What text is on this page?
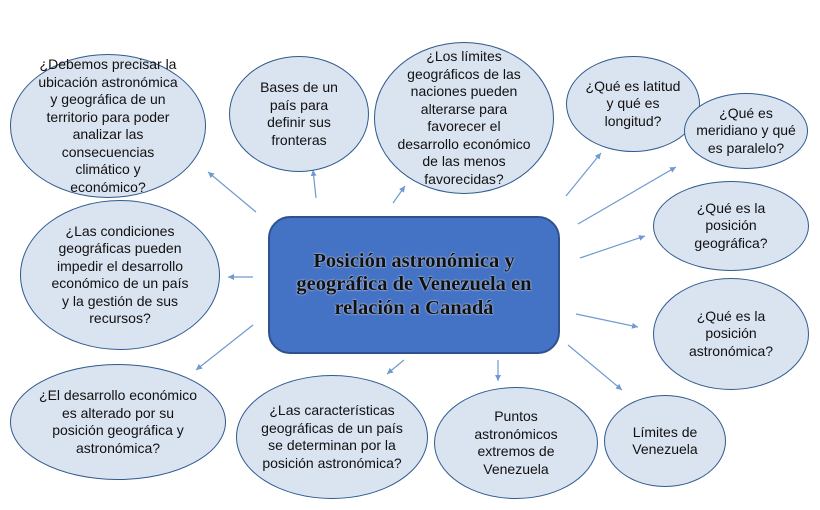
¿Debemos precisar la ubicación astronómica y geográfica de un territorio para poder analizar las consecuencias climático y económico?
Bases de un país para definir sus fronteras
¿Los límites geográficos de las naciones pueden alterarse para favorecer el desarrollo económico de las menos favorecidas?
¿Qué es latitud y qué es longitud?	¿Qué es meridiano y qué es paralelo?
¿Qué es la posición geográfica?
¿Qué es la posición astronómica?
Límites de Venezuela
Puntos astronómicos extremos de Venezuela
¿Las características geográficas de un país se determinan por la posición astronómica?
¿El desarrollo económico es alterado por su posición geográfica y astronómica?
¿Las condiciones geográficas pueden impedir el desarrollo económico de un país y la gestión de sus recursos?
Posición astronómica y geográfica de Venezuela en relación a Canadá
